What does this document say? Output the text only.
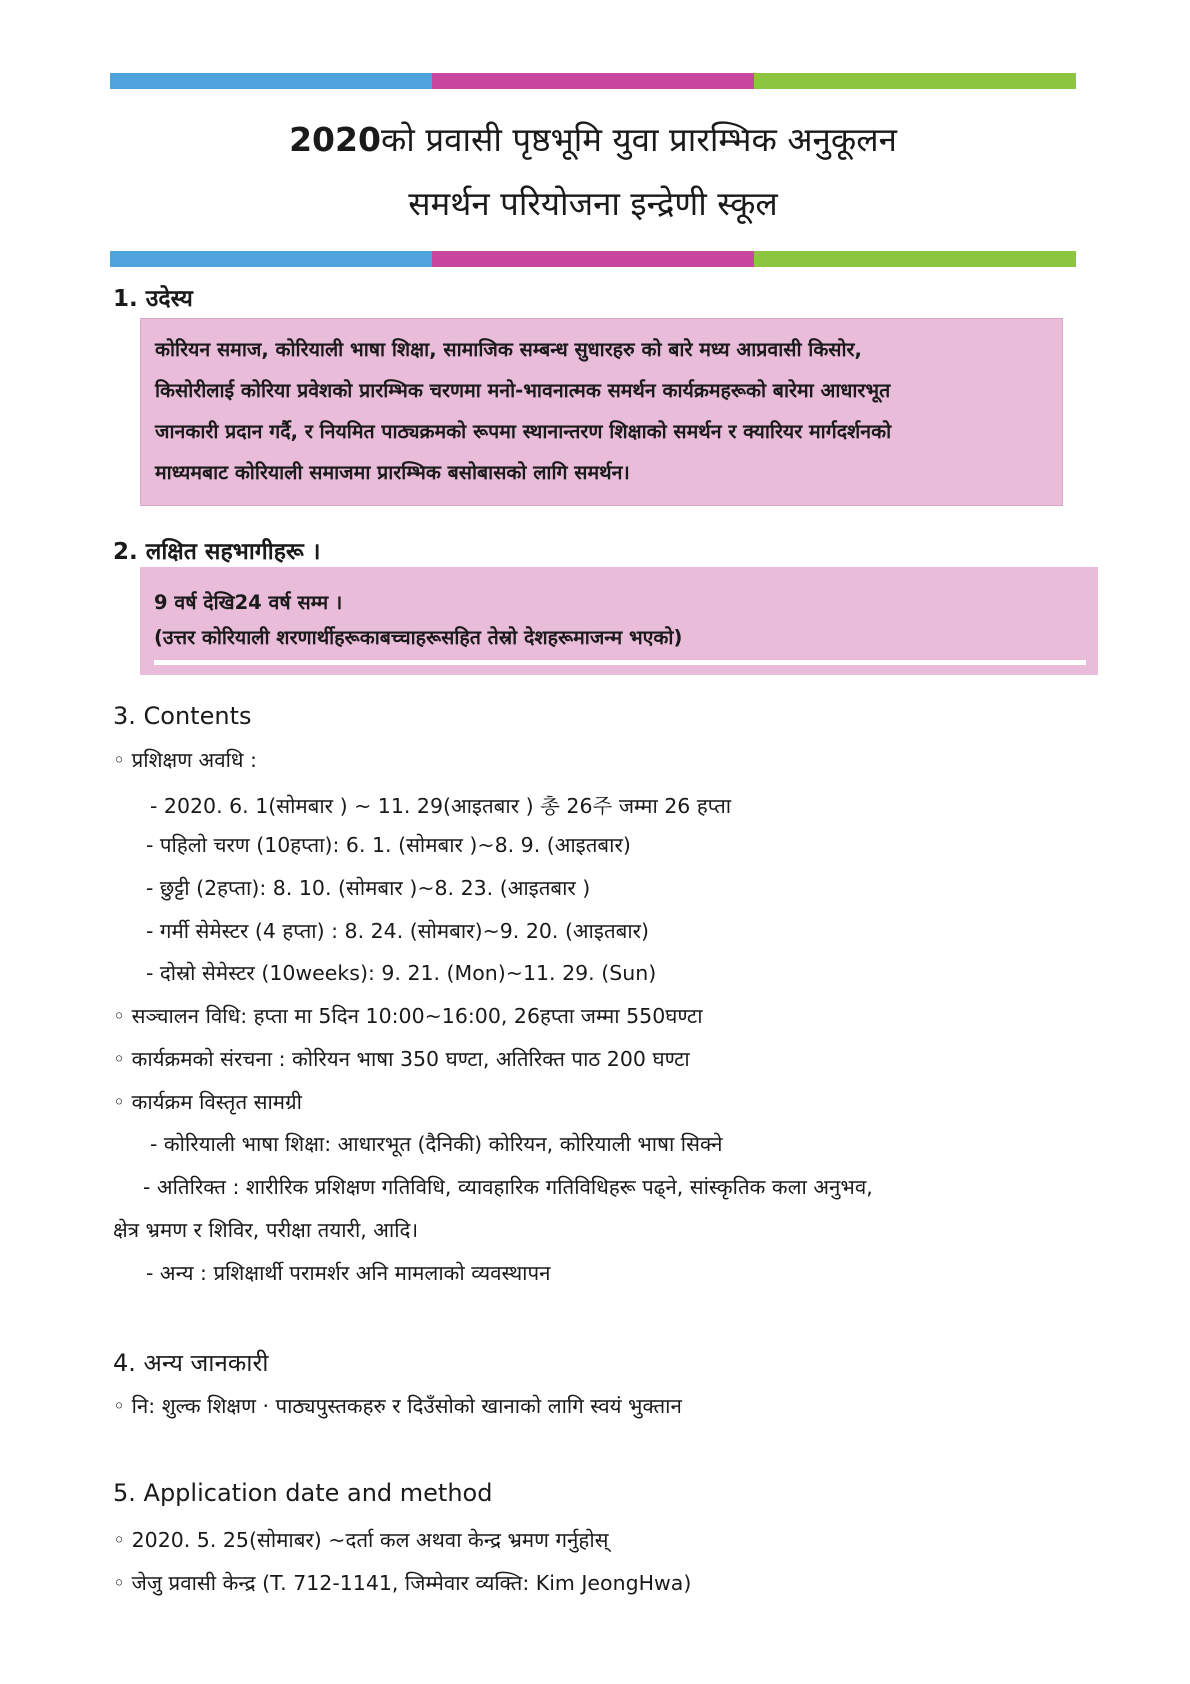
2020को प्रवासी पृष्ठभूमि युवा प्रारम्भिक अनुकूलन
समर्थन परियोजना इन्द्रेणी स्कूल
1. उदेस्य

कोरियन समाज, कोरियाली भाषा शिक्षा, सामाजिक सम्बन्ध सुधारहरु को बारे मध्य आप्रवासी किसोर,

किसोरीलाई कोरिया प्रवेशको प्रारम्भिक चरणमा मनो-भावनात्मक समर्थन कार्यक्रमहरूको बारेमा आधारभूत

जानकारी प्रदान गर्दै, र नियमित पाठ्यक्रमको रूपमा स्थानान्तरण शिक्षाको समर्थन र क्यारियर मार्गदर्शनको

माध्यमबाट कोरियाली समाजमा प्रारम्भिक बसोबासको लागि समर्थन।

2. लक्षित सहभागीहरू ।

9 वर्ष देखि24 वर्ष सम्म ।

(उत्तर कोरियाली शरणार्थीहरूकाबच्चाहरूसहित तेस्रो देशहरूमाजन्म भएको)

3. Contents
◦ प्रशिक्षण अवधि :
- 2020. 6. 1(सोमबार ) ~ 11. 29(आइतबार ) 총 26주 जम्मा 26 हप्ता
- पहिलो चरण (10हप्ता): 6. 1. (सोमबार )~8. 9. (आइतबार)
- छुट्टी (2हप्ता): 8. 10. (सोमबार )~8. 23. (आइतबार )
- गर्मी सेमेस्टर (4 हप्ता) : 8. 24. (सोमबार)~9. 20. (आइतबार)
- दोस्रो सेमेस्टर (10weeks): 9. 21. (Mon)~11. 29. (Sun)
◦ सञ्चालन विधि: हप्ता मा 5दिन 10:00~16:00, 26हप्ता जम्मा 550घण्टा
◦ कार्यक्रमको संरचना : कोरियन भाषा 350 घण्टा, अतिरिक्त पाठ 200 घण्टा
◦ कार्यक्रम विस्तृत सामग्री
- कोरियाली भाषा शिक्षा: आधारभूत (दैनिकी) कोरियन, कोरियाली भाषा सिक्ने
- अतिरिक्त : शारीरिक प्रशिक्षण गतिविधि, व्यावहारिक गतिविधिहरू पढ्ने, सांस्कृतिक कला अनुभव,
क्षेत्र भ्रमण र शिविर, परीक्षा तयारी, आदि।
- अन्य : प्रशिक्षार्थी परामर्शर अनि मामलाको व्यवस्थापन
4. अन्य जानकारी
◦ नि: शुल्क शिक्षण · पाठ्यपुस्तकहरु र दिउँसोको खानाको लागि स्वयं भुक्तान
5. Application date and method
◦ 2020. 5. 25(सोमाबर) ~दर्ता कल अथवा केन्द्र भ्रमण गर्नुहोस्
◦ जेजु प्रवासी केन्द्र (T. 712-1141, जिम्मेवार व्यक्ति: Kim JeongHwa)
